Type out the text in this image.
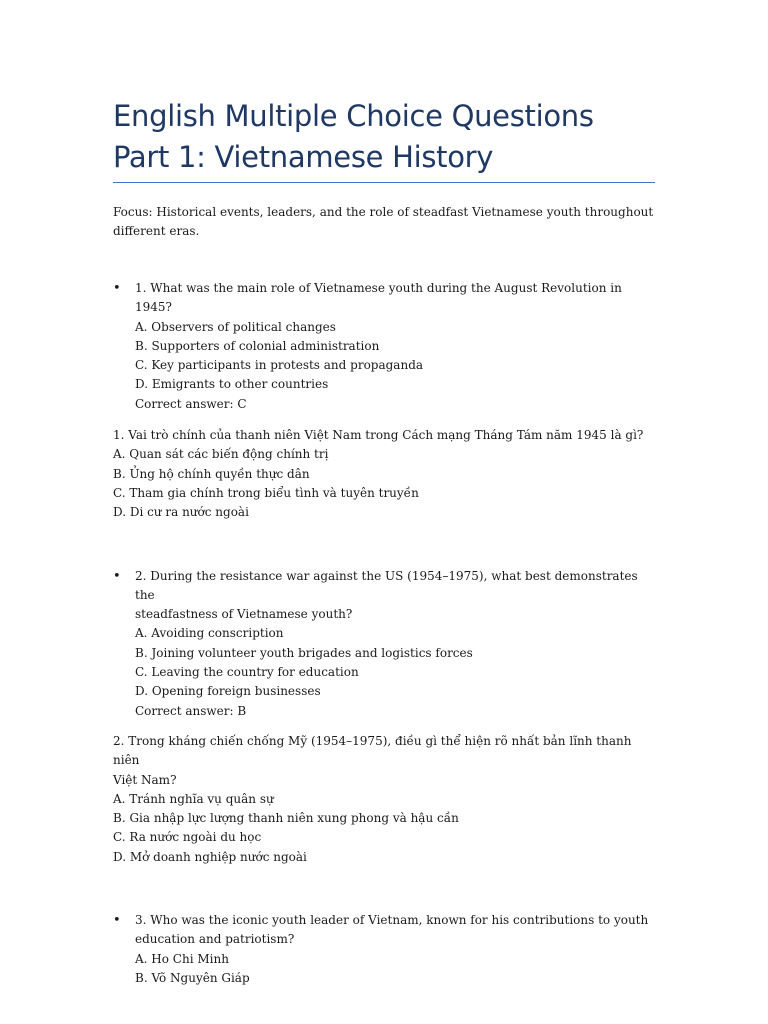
English Multiple Choice Questions
Part 1: Vietnamese History
Focus: Historical events, leaders, and the role of steadfast Vietnamese youth throughout
different eras.
• 1. What was the main role of Vietnamese youth during the August Revolution in 1945?
A. Observers of political changes
B. Supporters of colonial administration
C. Key participants in protests and propaganda
D. Emigrants to other countries
Correct answer: C
1. Vai trò chính của thanh niên Việt Nam trong Cách mạng Tháng Tám năm 1945 là gì?
A. Quan sát các biến động chính trị
B. Ủng hộ chính quyền thực dân
C. Tham gia chính trong biểu tình và tuyên truyền
D. Di cư ra nước ngoài
• 2. During the resistance war against the US (1954–1975), what best demonstrates the
steadfastness of Vietnamese youth?
A. Avoiding conscription
B. Joining volunteer youth brigades and logistics forces
C. Leaving the country for education
D. Opening foreign businesses
Correct answer: B
2. Trong kháng chiến chống Mỹ (1954–1975), điều gì thể hiện rõ nhất bản lĩnh thanh niên
Việt Nam?
A. Tránh nghĩa vụ quân sự
B. Gia nhập lực lượng thanh niên xung phong và hậu cần
C. Ra nước ngoài du học
D. Mở doanh nghiệp nước ngoài
• 3. Who was the iconic youth leader of Vietnam, known for his contributions to youth
education and patriotism?
A. Ho Chi Minh
B. Võ Nguyên Giáp
